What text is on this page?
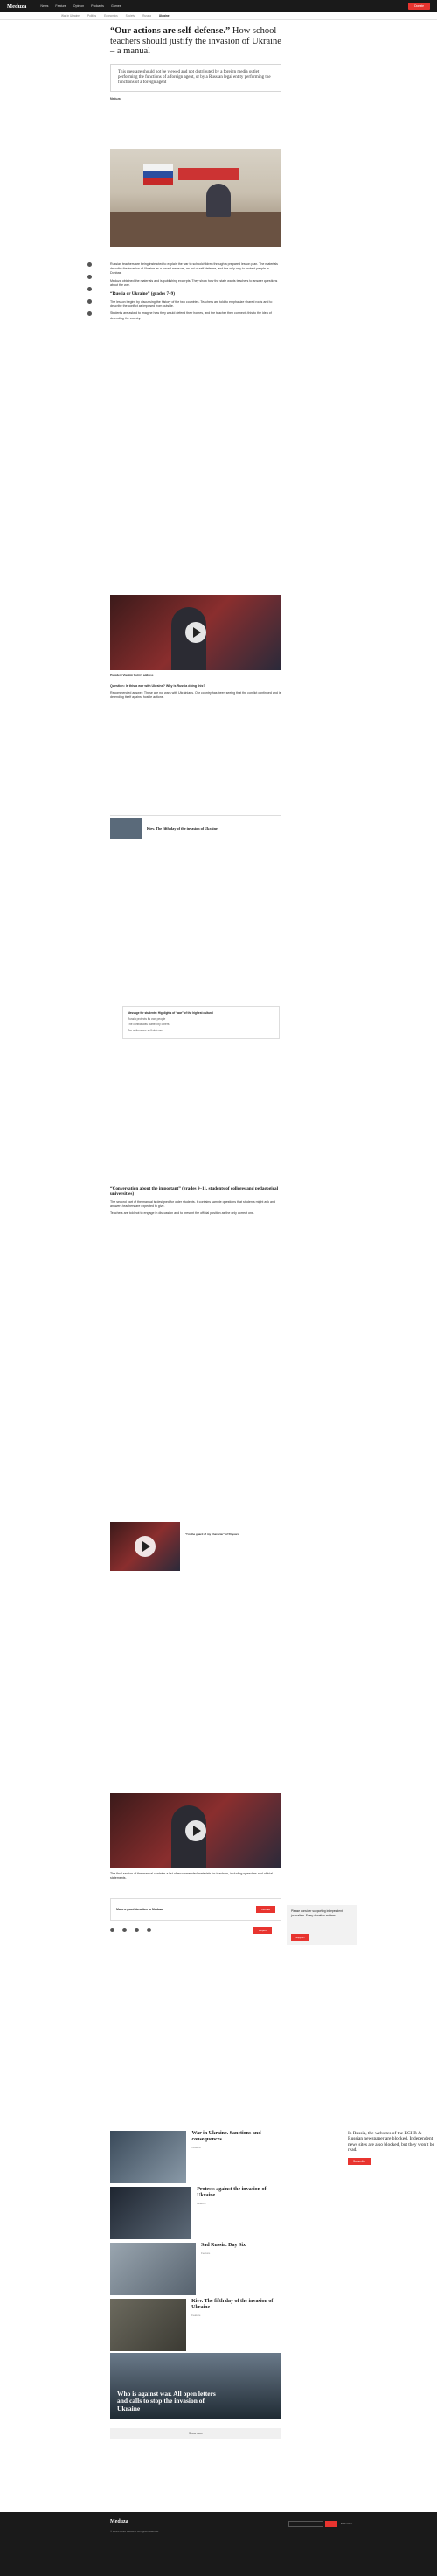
Meduza	News Feature Opinion Podcasts Games	Donate
War in Ukraine	Politics	Economics	Society	Russia	Ukraine
“Our actions are self-defense.” How school teachers should justify the invasion of Ukraine – a manual
This message should not be viewed and not distributed by a foreign media outlet performing the functions of a foreign agent, or by a Russian legal entity performing the functions of a foreign agent
Meduza

Russian teachers are being instructed to explain the war to schoolchildren through a prepared lesson plan. The materials describe the invasion of Ukraine as a forced measure, an act of self-defense, and the only way to protect people in Donbas.

Meduza obtained the materials and is publishing excerpts. They show how the state wants teachers to answer questions about the war.

“Russia or Ukraine” (grades 7–9)

The lesson begins by discussing the history of the two countries. Teachers are told to emphasize shared roots and to describe the conflict as imposed from outside.

Students are asked to imagine how they would defend their homes, and the teacher then connects this to the idea of defending the country.

President Vladimir Putin’s address

Question: Is this a war with Ukraine? Why is Russia doing this?

Recommended answer: These are not wars with Ukrainians. Our country has been seeing that the conflict continued and is defending itself against hostile actions.

Kiev. The fifth day of the invasion of Ukraine

Message for students: Highlights of “war” of the highest cultural

Russia protects its own people

The conflict was started by others

Our actions are self-defense

“Conversation about the important” (grades 9–11, students of colleges and pedagogical universities)

The second part of the manual is designed for older students. It contains sample questions that students might ask and answers teachers are expected to give.

Teachers are told not to engage in discussion and to present the official position as the only correct one.

“I’m the guard of my character” of 50 years

The final section of the manual contains a list of recommended materials for teachers, including speeches and official statements.

Make a good donation to Meduza	Donate
Report
Please consider supporting independent journalism. Every donation matters.
Support
War in Ukraine. Sanctions and consequences
Feature
Protests against the invasion of Ukraine
Feature
Sad Russia. Day Six
Feature
Kiev. The fifth day of the invasion of Ukraine
Feature
In Russia, the websites of the ECHR & Russian newspaper are blocked. Independent news sites are also blocked, but they won’t be read.
Subscribe
Who is against war. All open letters and calls to stop the invasion of Ukraine
Show more
Meduza
© 2014–2022 Meduza. All rights reserved.
Subscribe
